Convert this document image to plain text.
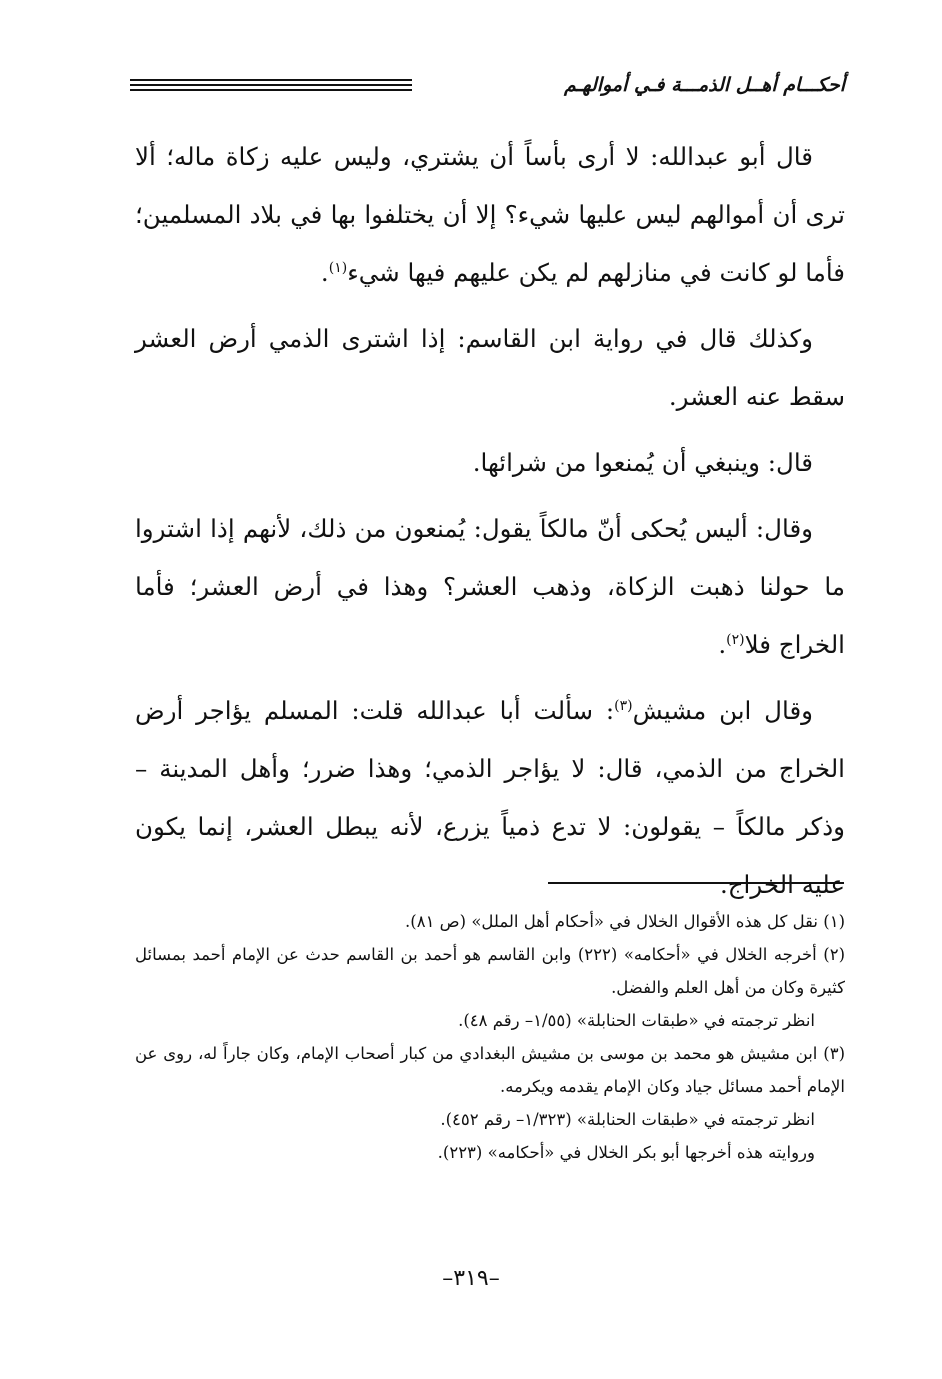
أحكـــام أهــل الذمـــة فـي أموالهـم

قال أبو عبدالله: لا أرى بأساً أن يشتري، وليس عليه زكاة ماله؛ ألا ترى أن أموالهم ليس عليها شيء؟ إلا أن يختلفوا بها في بلاد المسلمين؛ فأما لو كانت في منازلهم لم يكن عليهم فيها شيء$^{(١)}$.

وكذلك قال في رواية ابن القاسم: إذا اشترى الذمي أرض العشر سقط عنه العشر.

قال: وينبغي أن يُمنعوا من شرائها.

وقال: أليس يُحكى أنّ مالكاً يقول: يُمنعون من ذلك، لأنهم إذا اشتروا ما حولنا ذهبت الزكاة، وذهب العشر؟ وهذا في أرض العشر؛ فأما الخراج فلا$^{(٢)}$.

وقال ابن مشيش$^{(٣)}$: سألت أبا عبدالله قلت: المسلم يؤاجر أرض الخراج من الذمي، قال: لا يؤاجر الذمي؛ وهذا ضرر؛ وأهل المدينة – وذكر مالكاً – يقولون: لا تدع ذمياً يزرع، لأنه يبطل العشر، إنما يكون عليه الخراج.

(١) نقل كل هذه الأقوال الخلال في «أحكام أهل الملل» (ص ٨١).

(٢) أخرجه الخلال في «أحكامه» (٢٢٢) وابن القاسم هو أحمد بن القاسم حدث عن الإمام أحمد بمسائل كثيرة وكان من أهل العلم والفضل.

انظر ترجمته في «طبقات الحنابلة» (١/٥٥– رقم ٤٨).

(٣) ابن مشيش هو محمد بن موسى بن مشيش البغدادي من كبار أصحاب الإمام، وكان جاراً له، روى عن الإمام أحمد مسائل جياد وكان الإمام يقدمه ويكرمه.

انظر ترجمته في «طبقات الحنابلة» (١/٣٢٣– رقم ٤٥٢).

وروايته هذه أخرجها أبو بكر الخلال في «أحكامه» (٢٢٣).

–٣١٩–
